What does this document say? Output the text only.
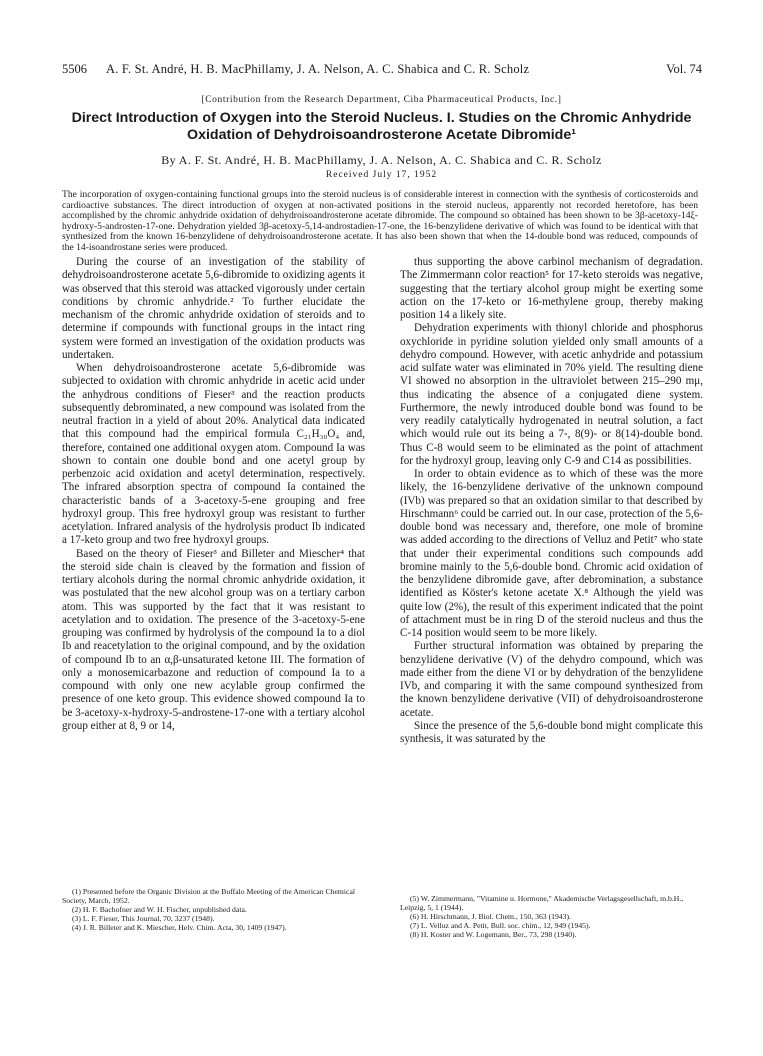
5506 A. F. St. André, H. B. MacPhillamy, J. A. Nelson, A. C. Shabica and C. R. Scholz	Vol. 74
[Contribution from the Research Department, Ciba Pharmaceutical Products, Inc.]
Direct Introduction of Oxygen into the Steroid Nucleus. I. Studies on the Chromic Anhydride Oxidation of Dehydroisoandrosterone Acetate Dibromide¹
By A. F. St. André, H. B. MacPhillamy, J. A. Nelson, A. C. Shabica and C. R. Scholz
Received July 17, 1952
The incorporation of oxygen-containing functional groups into the steroid nucleus is of considerable interest in connection with the synthesis of corticosteroids and cardioactive substances. The direct introduction of oxygen at non-activated positions in the steroid nucleus, apparently not recorded heretofore, has been accomplished by the chromic anhydride oxidation of dehydroisoandrosterone acetate dibromide. The compound so obtained has been shown to be 3β-acetoxy-14ξ-hydroxy-5-androsten-17-one. Dehydration yielded 3β-acetoxy-5,14-androstadien-17-one, the 16-benzylidene derivative of which was found to be identical with that synthesized from the known 16-benzylidene of dehydroisoandrosterone acetate. It has also been shown that when the 14-double bond was reduced, compounds of the 14-isoandrostane series were produced.

During the course of an investigation of the stability of dehydroisoandrosterone acetate 5,6-dibromide to oxidizing agents it was observed that this steroid was attacked vigorously under certain conditions by chromic anhydride.² To further elucidate the mechanism of the chromic anhydride oxidation of steroids and to determine if compounds with functional groups in the intact ring system were formed an investigation of the oxidation products was undertaken.

When dehydroisoandrosterone acetate 5,6-dibromide was subjected to oxidation with chromic anhydride in acetic acid under the anhydrous conditions of Fieser³ and the reaction products subsequently debrominated, a new compound was isolated from the neutral fraction in a yield of about 20%. Analytical data indicated that this compound had the empirical formula C₂₁H₃₀O₄ and, therefore, contained one additional oxygen atom. Compound Ia was shown to contain one double bond and one acetyl group by perbenzoic acid oxidation and acetyl determination, respectively. The infrared absorption spectra of compound Ia contained the characteristic bands of a 3-acetoxy-5-ene grouping and free hydroxyl group. This free hydroxyl group was resistant to further acetylation. Infrared analysis of the hydrolysis product Ib indicated a 17-keto group and two free hydroxyl groups.

Based on the theory of Fieser³ and Billeter and Miescher⁴ that the steroid side chain is cleaved by the formation and fission of tertiary alcohols during the normal chromic anhydride oxidation, it was postulated that the new alcohol group was on a tertiary carbon atom. This was supported by the fact that it was resistant to acetylation and to oxidation. The presence of the 3-acetoxy-5-ene grouping was confirmed by hydrolysis of the compound Ia to a diol Ib and reacetylation to the original compound, and by the oxidation of compound Ib to an α,β-unsaturated ketone III. The formation of only a monosemicarbazone and reduction of compound Ia to a compound with only one new acylable group confirmed the presence of one keto group. This evidence showed compound Ia to be 3-acetoxy-x-hydroxy-5-androstene-17-one with a tertiary alcohol group either at 8, 9 or 14,

(1) Presented before the Organic Division at the Buffalo Meeting of the American Chemical Society, March, 1952.
(2) H. F. Bachofner and W. H. Fischer, unpublished data.
(3) L. F. Fieser, This Journal, 70, 3237 (1948).
(4) J. R. Billeter and K. Miescher, Helv. Chim. Acta, 30, 1409 (1947).

thus supporting the above carbinol mechanism of degradation. The Zimmermann color reaction⁵ for 17-keto steroids was negative, suggesting that the tertiary alcohol group might be exerting some action on the 17-keto or 16-methylene group, thereby making position 14 a likely site.

Dehydration experiments with thionyl chloride and phosphorus oxychloride in pyridine solution yielded only small amounts of a dehydro compound. However, with acetic anhydride and potassium acid sulfate water was eliminated in 70% yield. The resulting diene VI showed no absorption in the ultraviolet between 215–290 mμ, thus indicating the absence of a conjugated diene system. Furthermore, the newly introduced double bond was found to be very readily catalytically hydrogenated in neutral solution, a fact which would rule out its being a 7-, 8(9)- or 8(14)-double bond. Thus C-8 would seem to be eliminated as the point of attachment for the hydroxyl group, leaving only C-9 and C14 as possibilities.

In order to obtain evidence as to which of these was the more likely, the 16-benzylidene derivative of the unknown compound (IVb) was prepared so that an oxidation similar to that described by Hirschmann⁶ could be carried out. In our case, protection of the 5,6-double bond was necessary and, therefore, one mole of bromine was added according to the directions of Velluz and Petit⁷ who state that under their experimental conditions such compounds add bromine mainly to the 5,6-double bond. Chromic acid oxidation of the benzylidene dibromide gave, after debromination, a substance identified as Köster's ketone acetate X.⁸ Although the yield was quite low (2%), the result of this experiment indicated that the point of attachment must be in ring D of the steroid nucleus and thus the C-14 position would seem to be more likely.

Further structural information was obtained by preparing the benzylidene derivative (V) of the dehydro compound, which was made either from the diene VI or by dehydration of the benzylidene IVb, and comparing it with the same compound synthesized from the known benzylidene derivative (VII) of dehydroisoandrosterone acetate.

Since the presence of the 5,6-double bond might complicate this synthesis, it was saturated by the

(5) W. Zimmermann, "Vitamine u. Hormone," Akademische Verlagsgesellschaft, m.b.H., Leipzig, 5, 1 (1944).
(6) H. Hirschmann, J. Biol. Chem., 150, 363 (1943).
(7) L. Velluz and A. Petit, Bull. soc. chim., 12, 949 (1945).
(8) H. Koster and W. Logemann, Ber., 73, 298 (1940).
